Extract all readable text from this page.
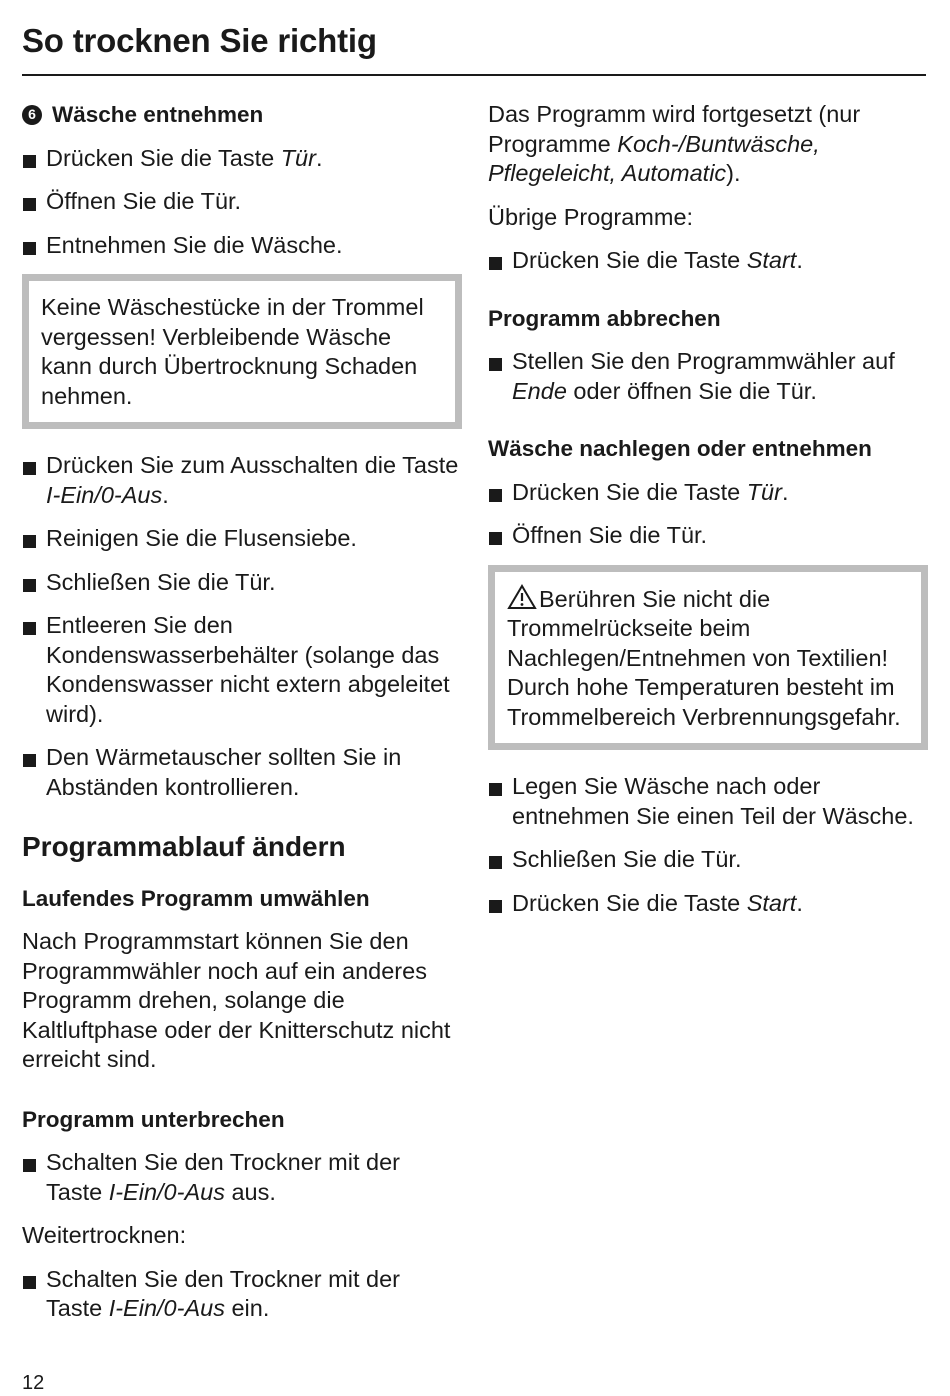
So trocknen Sie richtig
6 Wäsche entnehmen
Drücken Sie die Taste Tür.
Öffnen Sie die Tür.
Entnehmen Sie die Wäsche.

Keine Wäschestücke in der Trommel vergessen! Verbleibende Wäsche kann durch Übertrocknung Schaden nehmen.

Drücken Sie zum Ausschalten die Taste I-Ein/0-Aus.
Reinigen Sie die Flusensiebe.
Schließen Sie die Tür.
Entleeren Sie den Kondenswasserbehälter (solange das Kondenswasser nicht extern abgeleitet wird).
Den Wärmetauscher sollten Sie in Abständen kontrollieren.
Programmablauf ändern
Laufendes Programm umwählen

Nach Programmstart können Sie den Programmwähler noch auf ein anderes Programm drehen, solange die Kaltluftphase oder der Knitterschutz nicht erreicht sind.

Programm unterbrechen
Schalten Sie den Trockner mit der Taste I-Ein/0-Aus aus.

Weitertrocknen:

Schalten Sie den Trockner mit der Taste I-Ein/0-Aus ein.

Das Programm wird fortgesetzt (nur Programme Koch-/Buntwäsche, Pflegeleicht, Automatic).

Übrige Programme:

Drücken Sie die Taste Start.
Programm abbrechen
Stellen Sie den Programmwähler auf Ende oder öffnen Sie die Tür.
Wäsche nachlegen oder entnehmen
Drücken Sie die Taste Tür.
Öffnen Sie die Tür.

Berühren Sie nicht die Trommelrückseite beim Nachlegen/Entnehmen von Textilien! Durch hohe Temperaturen besteht im Trommelbereich Verbrennungsgefahr.

Legen Sie Wäsche nach oder entnehmen Sie einen Teil der Wäsche.
Schließen Sie die Tür.
Drücken Sie die Taste Start.
12
